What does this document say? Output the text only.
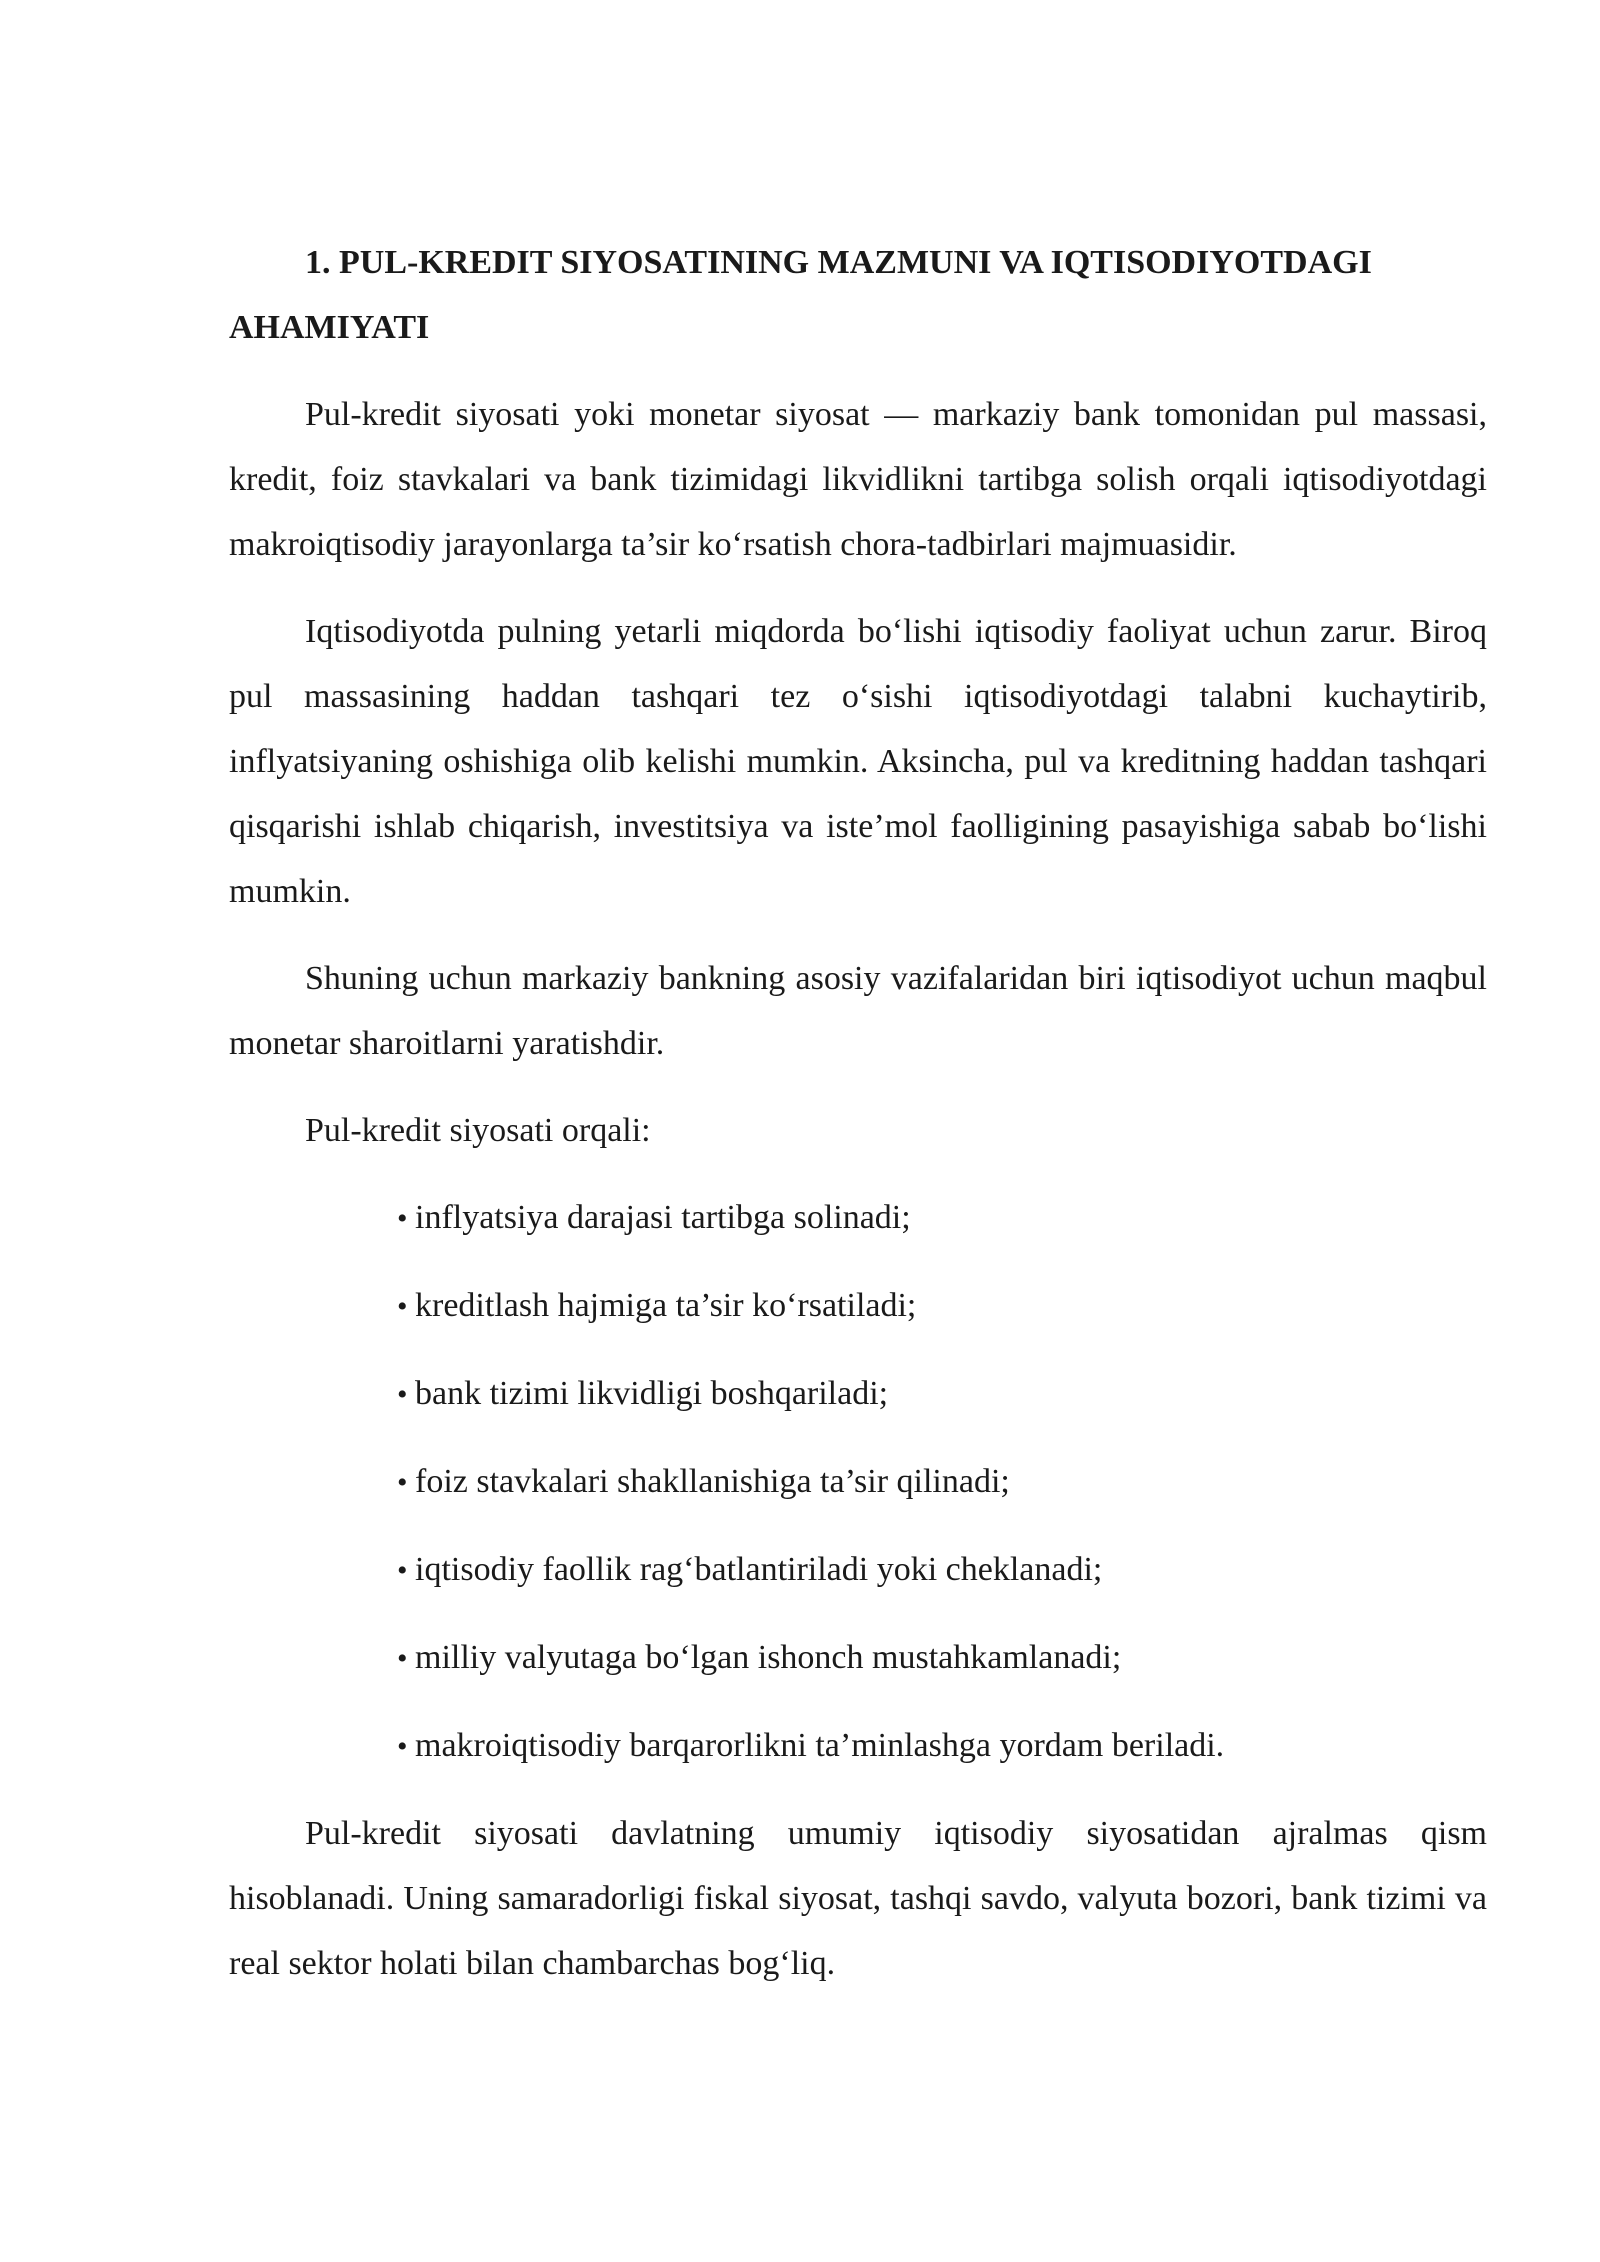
1. PUL-KREDIT SIYOSATINING MAZMUNI VA IQTISODIYOTDAGI AHAMIYATI

Pul-kredit siyosati yoki monetar siyosat — markaziy bank tomonidan pul massasi, kredit, foiz stavkalari va bank tizimidagi likvidlikni tartibga solish orqali iqtisodiyotdagi makroiqtisodiy jarayonlarga ta’sir ko‘rsatish chora-tadbirlari majmuasidir.

Iqtisodiyotda pulning yetarli miqdorda bo‘lishi iqtisodiy faoliyat uchun zarur. Biroq pul massasining haddan tashqari tez o‘sishi iqtisodiyotdagi talabni kuchaytirib, inflyatsiyaning oshishiga olib kelishi mumkin. Aksincha, pul va kreditning haddan tashqari qisqarishi ishlab chiqarish, investitsiya va iste’mol faolligining pasayishiga sabab bo‘lishi mumkin.

Shuning uchun markaziy bankning asosiy vazifalaridan biri iqtisodiyot uchun maqbul monetar sharoitlarni yaratishdir.

Pul-kredit siyosati orqali:

• inflyatsiya darajasi tartibga solinadi;
• kreditlash hajmiga ta’sir ko‘rsatiladi;
• bank tizimi likvidligi boshqariladi;
• foiz stavkalari shakllanishiga ta’sir qilinadi;
• iqtisodiy faollik rag‘batlantiriladi yoki cheklanadi;
• milliy valyutaga bo‘lgan ishonch mustahkamlanadi;
• makroiqtisodiy barqarorlikni ta’minlashga yordam beriladi.

Pul-kredit siyosati davlatning umumiy iqtisodiy siyosatidan ajralmas qism hisoblanadi. Uning samaradorligi fiskal siyosat, tashqi savdo, valyuta bozori, bank tizimi va real sektor holati bilan chambarchas bog‘liq.
